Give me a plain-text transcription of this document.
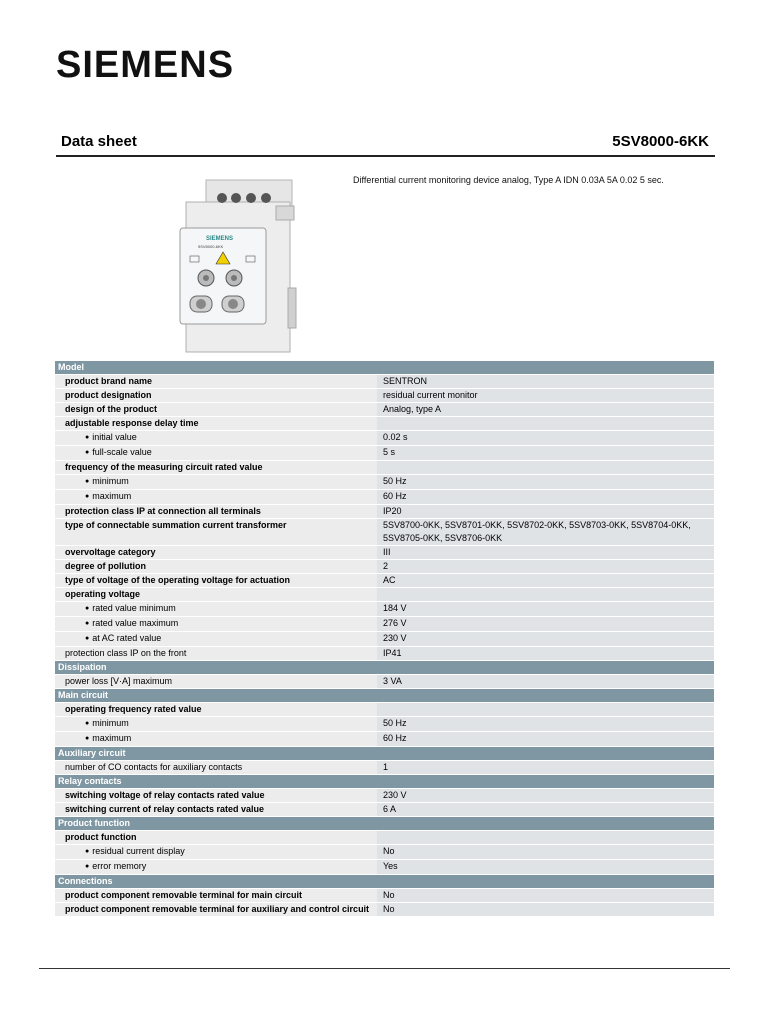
SIEMENS
Data sheet	5SV8000-6KK
Differential current monitoring device analog, Type A IDN 0.03A 5A 0.02 5 sec.
SIEMENS
5SV8000-6KK
Model	
product brand name	SENTRON
product designation	residual current monitor
design of the product	Analog, type A
adjustable response delay time	
● initial value	0.02 s
● full-scale value	5 s
frequency of the measuring circuit rated value	
● minimum	50 Hz
● maximum	60 Hz
protection class IP at connection all terminals	IP20
type of connectable summation current transformer	5SV8700-0KK, 5SV8701-0KK, 5SV8702-0KK, 5SV8703-0KK, 5SV8704-0KK, 5SV8705-0KK, 5SV8706-0KK
overvoltage category	III
degree of pollution	2
type of voltage of the operating voltage for actuation	AC
operating voltage	
● rated value minimum	184 V
● rated value maximum	276 V
● at AC rated value	230 V
protection class IP on the front	IP41
Dissipation	
power loss [V·A] maximum	3 VA
Main circuit	
operating frequency rated value	
● minimum	50 Hz
● maximum	60 Hz
Auxiliary circuit	
number of CO contacts for auxiliary contacts	1
Relay contacts	
switching voltage of relay contacts rated value	230 V
switching current of relay contacts rated value	6 A
Product function	
product function	
● residual current display	No
● error memory	Yes
Connections	
product component removable terminal for main circuit	No
product component removable terminal for auxiliary and control circuit	No
